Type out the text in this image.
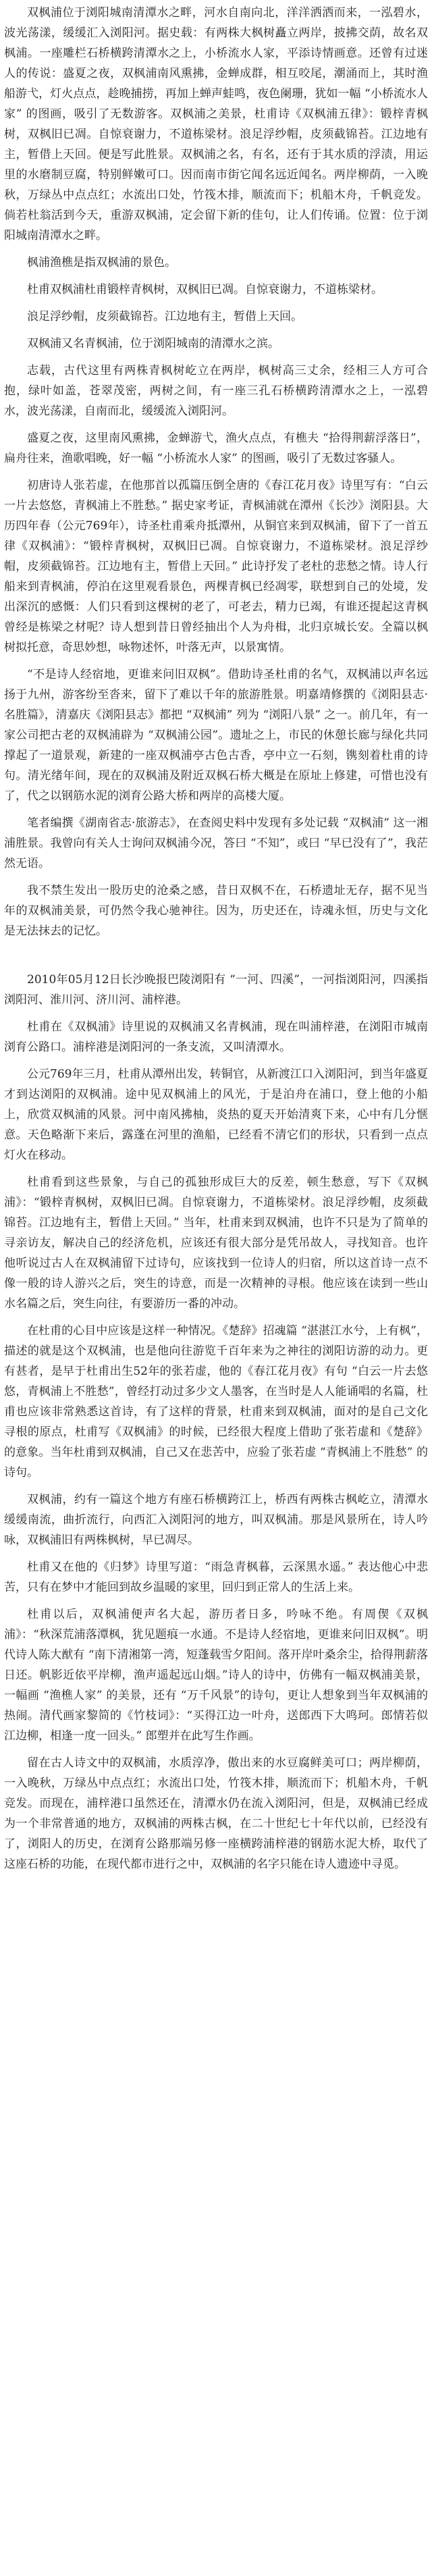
双枫浦位于浏阳城南清潭水之畔，河水自南向北，洋洋洒洒而来，一泓碧水，波光荡漾，缓缓汇入浏阳河。据史载：有两株大枫树矗立两岸，披拂交荫，故名双枫浦。一座雕栏石桥横跨清潭水之上，小桥流水人家，平添诗情画意。还曾有过迷人的传说：盛夏之夜，双枫浦南风熏拂，金蝉成群，相互咬尾，潮涌而上，其时渔船游弋，灯火点点，趁晚捕捞，再加上蝉声蛙鸣，夜色阑珊，犹如一幅 “小桥流水人家” 的图画，吸引了无数游客。双枫浦之美景，杜甫诗《双枫浦五律》：锻梓青枫树，双枫旧已凋。自惊衰谢力，不道栋梁材。浪足浮纱帽，皮须截锦苔。江边地有主，暂借上天回。便是写此胜景。双枫浦之名，有名，还有于其水质的浮渍，用运里的水磨制豆腐，特别鲜嫩可口。因而南市街它闻名远近闻名。两岸柳荫，一入晚秋，万绿丛中点点红；水流出口处，竹筏木排，顺流而下；机船木舟，千帆竞发。倘若杜翁活到今天，重游双枫浦，定会留下新的佳句，让人们传诵。位置：位于浏阳城南清潭水之畔。

枫浦渔樵是指双枫浦的景色。

杜甫双枫浦杜甫锻梓青枫树，双枫旧已凋。自惊衰谢力，不道栋梁材。

浪足浮纱帽，皮须截锦苔。江边地有主，暂借上天回。

双枫浦又名青枫浦，位于浏阳城南的清潭水之滨。

志载，古代这里有两株青枫树屹立在两岸，枫树高三丈余，经相三人方可合抱，绿叶如盖，苍翠茂密，两树之间，有一座三孔石桥横跨清潭水之上，一泓碧水，波光荡漾，自南而北，缓缓流入浏阳河。

盛夏之夜，这里南风熏拂，金蝉游弋，渔火点点，有樵夫 “拾得荆薪浮落日”，扁舟往来，渔歌唱晚，好一幅 “小桥流水人家” 的图画，吸引了无数过客骚人。

初唐诗人张若虚，在他那首以孤篇压倒全唐的《春江花月夜》诗里写有：“白云一片去悠悠，青枫浦上不胜愁。” 据史家考证，青枫浦就在潭州《长沙》浏阳县。大历四年春（公元769年），诗圣杜甫乘舟抵潭州，从铜官来到双枫浦，留下了一首五律《双枫浦》：“锻梓青枫树，双枫旧已凋。自惊衰谢力，不道栋梁材。浪足浮纱帽，皮须截锦苔。江边地有主，暂借上天回。” 此诗抒发了老杜的悲愁之情。诗人行船来到青枫浦，停泊在这里观看景色，两棵青枫已经凋零，联想到自己的处境，发出深沉的感慨：人们只看到这棵树的老了，可老去，精力已竭，有谁还提起这青枫曾经是栋梁之材呢？诗人想到昔日曾经抽出个人为舟楫，北归京城长安。全篇以枫树拟托意，奇思妙想，咏物述怀，叶落无声，以景寓情。

“不是诗人经宿地，更谁来问旧双枫”。借助诗圣杜甫的名气，双枫浦以声名远扬于九州，游客纷至沓来，留下了难以千年的旅游胜景。明嘉靖修撰的《浏阳县志·名胜篇》，清嘉庆《浏阳县志》都把 “双枫浦” 列为 “浏阳八景” 之一。前几年，有一家公司把古老的双枫浦辟为 “双枫浦公园”。遗址之上，市民的休憩长廊与绿化共同撑起了一道景观，新建的一座双枫浦亭古色古香，亭中立一石刻，镌刻着杜甫的诗句。清光绪年间，现在的双枫浦及附近双枫石桥大概是在原址上修建，可惜也没有了，代之以钢筋水泥的浏育公路大桥和两岸的高楼大厦。

笔者编撰《湖南省志·旅游志》，在查阅史料中发现有多处记载 “双枫浦” 这一湘浦胜景。我曾向有关人士询问双枫浦今况，答曰 “不知”，或曰 “早已没有了”，我茫然无语。

我不禁生发出一股历史的沧桑之感，昔日双枫不在，石桥遗址无存，据不见当年的双枫浦美景，可仍然令我心驰神往。因为，历史还在，诗魂永恒，历史与文化是无法抹去的记忆。

2010年05月12日长沙晚报巴陵浏阳有 “一河、四溪”，一河指浏阳河，四溪指浏阳河、淮川河、济川河、浦梓港。

杜甫在《双枫浦》诗里说的双枫浦又名青枫浦，现在叫浦梓港，在浏阳市城南浏育公路口。浦梓港是浏阳河的一条支流，又叫清潭水。

公元769年三月，杜甫从潭州出发，转铜官，从新渡江口入浏阳河，到当年盛夏才到达浏阳的双枫浦。途中见双枫浦上的风光，于是泊舟在浦口，登上他的小船上，欣赏双枫浦的风景。河中南风拂柚，炎热的夏天开始清爽下来，心中有几分惬意。天色略渐下来后，露蓬在河里的渔船，已经看不清它们的形状，只看到一点点灯火在移动。

杜甫看到这些景象，与自己的孤独形成巨大的反差，顿生愁意，写下《双枫浦》：“锻梓青枫树，双枫旧已凋。自惊衰谢力，不道栋梁材。浪足浮纱帽，皮须截锦苔。江边地有主，暂借上天回。” 当年，杜甫来到双枫浦，也许不只是为了简单的寻亲访友，解决自己的经济危机，应该还有很大部分是凭吊故人，寻找知音。也许他听说过古人在双枫浦留下过诗句，应该找到一位诗人的归宿，所以这首诗一点不像一般的诗人游兴之后，突生的诗意，而是一次精神的寻根。他应该在读到一些山水名篇之后，突生向往，有要游历一番的冲动。

在杜甫的心目中应该是这样一种情况。《楚辞》招魂篇 “湛湛江水兮，上有枫”，描述的就是这个双枫浦，也是他向往游览千百年来为之神往的浏阳访游的动力。更有甚者，是早于杜甫出生52年的张若虚，他的《春江花月夜》有句 “白云一片去悠悠，青枫浦上不胜愁”，曾经打动过多少文人墨客，在当时是人人能诵唱的名篇，杜甫也应该非常熟悉这首诗，有了这样的背景，杜甫来到双枫浦，面对的是自己文化寻根的原点，杜甫写《双枫浦》的时候，已经很大程度上借助了张若虚和《楚辞》的意象。当年杜甫到双枫浦，自己又在悲苦中，应验了张若虚 “青枫浦上不胜愁” 的诗句。

双枫浦，约有一篇这个地方有座石桥横跨江上，桥西有两株古枫屹立，清潭水缓缓南流，曲折流行，向西汇入浏阳河的地方，叫双枫浦。那是风景所在，诗人吟咏，双枫浦旧有两株枫树，早已凋尽。

杜甫又在他的《归梦》诗里写道：“雨急青枫暮，云深黑水遥。” 表达他心中悲苦，只有在梦中才能回到故乡温暖的家里，回归到正常人的生活上来。

杜甫以后，双枫浦便声名大起，游历者日多，吟咏不绝。有周偰《双枫浦》：“秋深荒浦落潭枫，犹见题痕一水通。不是诗人经宿地，更谁来问旧双枫”。明代诗人陈大猷有 “南下清湘第一湾，短蓬载雪夕阳间。落开岸叶桑余尘，拾得荆薪落日还。帆影近依平岸柳，渔声遥起远山烟。”诗人的诗中，仿佛有一幅双枫浦美景，一幅画 “渔樵人家” 的美景，还有 “万千风景”的诗句，更让人想象到当年双枫浦的热闹。清代画家黎简的《竹枝词》：“买得江边一叶舟，送郎西下大鸣珂。郎情若似江边柳，相逢一度一回头。” 郎塑并在此写生作画。

留在古人诗文中的双枫浦，水质淳净，傲出来的水豆腐鲜美可口；两岸柳荫，一入晚秋，万绿丛中点点红；水流出口处，竹筏木排，顺流而下；机船木舟，千帆竞发。而现在，浦梓港口虽然还在，清潭水仍在流入浏阳河，但是，双枫浦已经成为一个非常普通的地方，双枫浦的两株古枫，在二十世纪七十年代以前，已经没有了，浏阳人的历史，在浏育公路那端另修一座横跨浦梓港的钢筋水泥大桥，取代了这座石桥的功能，在现代都市进行之中，双枫浦的名字只能在诗人遗迹中寻觅。
